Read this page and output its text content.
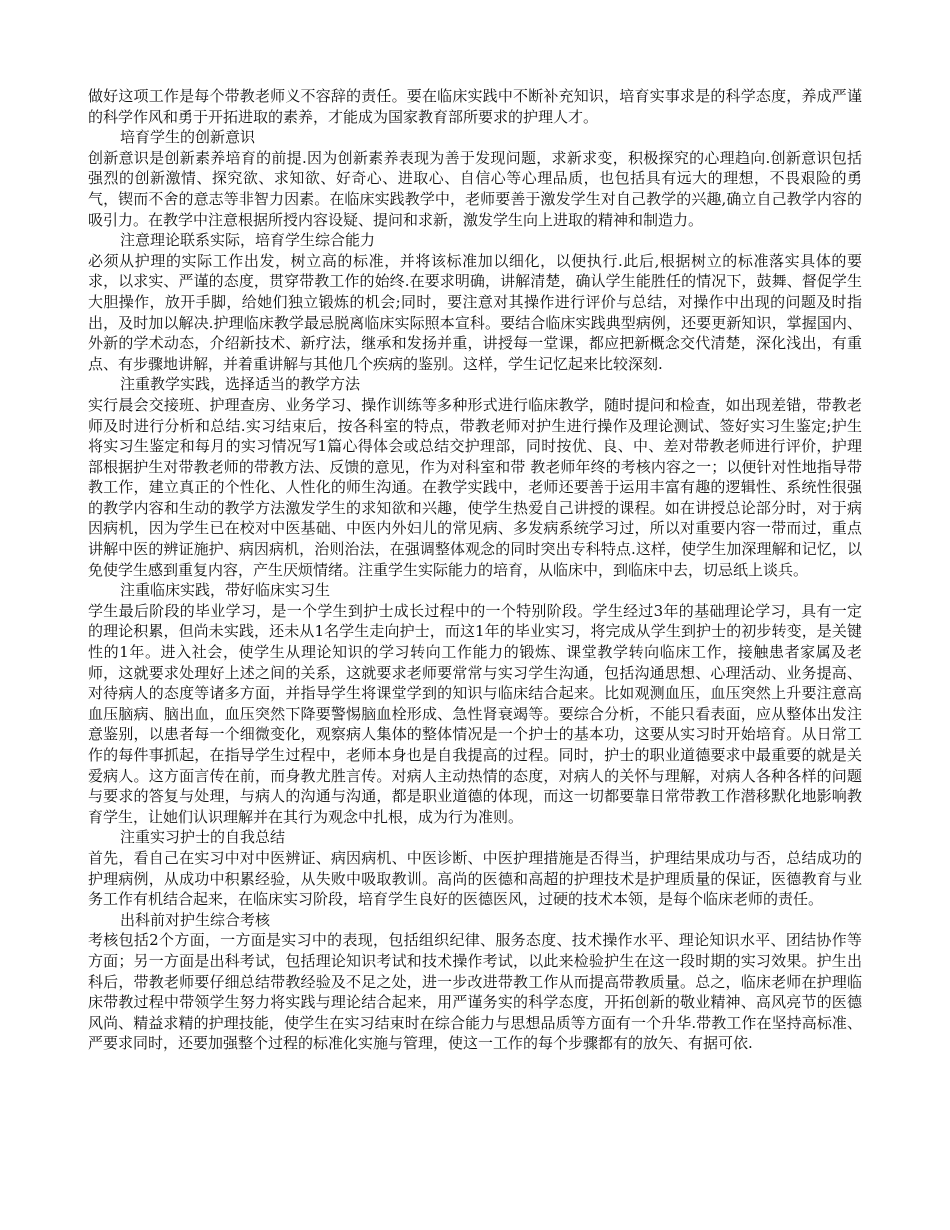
做好这项工作是每个带教老师义不容辞的责任。要在临床实践中不断补充知识，培育实事求是的科学态度，养成严谨的科学作风和勇于开拓进取的素养，才能成为国家教育部所要求的护理人才。

培育学生的创新意识

创新意识是创新素养培育的前提.因为创新素养表现为善于发现问题，求新求变，积极探究的心理趋向.创新意识包括强烈的创新激情、探究欲、求知欲、好奇心、进取心、自信心等心理品质，也包括具有远大的理想，不畏艰险的勇气，锲而不舍的意志等非智力因素。在临床实践教学中，老师要善于激发学生对自己教学的兴趣,确立自己教学内容的吸引力。在教学中注意根据所授内容设疑、提问和求新，激发学生向上进取的精神和制造力。

注意理论联系实际，培育学生综合能力

必须从护理的实际工作出发，树立高的标准，并将该标准加以细化，以便执行.此后,根据树立的标准落实具体的要求，以求实、严谨的态度，贯穿带教工作的始终.在要求明确，讲解清楚，确认学生能胜任的情况下，鼓舞、督促学生大胆操作，放开手脚，给她们独立锻炼的机会;同时，要注意对其操作进行评价与总结，对操作中出现的问题及时指出，及时加以解决.护理临床教学最忌脱离临床实际照本宣科。要结合临床实践典型病例，还要更新知识，掌握国内、外新的学术动态，介绍新技术、新疗法，继承和发扬并重，讲授每一堂课，都应把新概念交代清楚，深化浅出，有重点、有步骤地讲解，并着重讲解与其他几个疾病的鉴别。这样，学生记忆起来比较深刻.

注重教学实践，选择适当的教学方法

实行晨会交接班、护理查房、业务学习、操作训练等多种形式进行临床教学，随时提问和检查，如出现差错，带教老师及时进行分析和总结.实习结束后，按各科室的特点，带教老师对护生进行操作及理论测试、签好实习生鉴定;护生将实习生鉴定和每月的实习情况写1篇心得体会或总结交护理部，同时按优、良、中、差对带教老师进行评价，护理部根据护生对带教老师的带教方法、反馈的意见，作为对科室和带 教老师年终的考核内容之一；以便针对性地指导带教工作，建立真正的个性化、人性化的师生沟通。在教学实践中，老师还要善于运用丰富有趣的逻辑性、系统性很强的教学内容和生动的教学方法激发学生的求知欲和兴趣，使学生热爱自己讲授的课程。如在讲授总论部分时，对于病因病机，因为学生已在校对中医基础、中医内外妇儿的常见病、多发病系统学习过，所以对重要内容一带而过，重点讲解中医的辨证施护、病因病机，治则治法，在强调整体观念的同时突出专科特点.这样，使学生加深理解和记忆，以免使学生感到重复内容，产生厌烦情绪。注重学生实际能力的培育，从临床中，到临床中去，切忌纸上谈兵。

注重临床实践，带好临床实习生

学生最后阶段的毕业学习，是一个学生到护士成长过程中的一个特别阶段。学生经过3年的基础理论学习，具有一定的理论积累，但尚未实践，还未从1名学生走向护士，而这1年的毕业实习，将完成从学生到护士的初步转变，是关键性的1年。进入社会，使学生从理论知识的学习转向工作能力的锻炼、课堂教学转向临床工作，接触患者家属及老师，这就要求处理好上述之间的关系，这就要求老师要常常与实习学生沟通，包括沟通思想、心理活动、业务提高、对待病人的态度等诸多方面，并指导学生将课堂学到的知识与临床结合起来。比如观测血压，血压突然上升要注意高血压脑病、脑出血，血压突然下降要警惕脑血栓形成、急性肾衰竭等。要综合分析，不能只看表面，应从整体出发注意鉴别，以患者每一个细微变化，观察病人集体的整体情况是一个护士的基本功，这要从实习时开始培育。从日常工作的每件事抓起，在指导学生过程中，老师本身也是自我提高的过程。同时，护士的职业道德要求中最重要的就是关爱病人。这方面言传在前，而身教尤胜言传。对病人主动热情的态度，对病人的关怀与理解，对病人各种各样的问题与要求的答复与处理，与病人的沟通与沟通，都是职业道德的体现，而这一切都要靠日常带教工作潜移默化地影响教育学生，让她们认识理解并在其行为观念中扎根，成为行为准则。

注重实习护士的自我总结

首先，看自己在实习中对中医辨证、病因病机、中医诊断、中医护理措施是否得当，护理结果成功与否，总结成功的护理病例，从成功中积累经验，从失败中吸取教训。高尚的医德和高超的护理技术是护理质量的保证，医德教育与业务工作有机结合起来，在临床实习阶段，培育学生良好的医德医风，过硬的技术本领，是每个临床老师的责任。

出科前对护生综合考核

考核包括2个方面，一方面是实习中的表现，包括组织纪律、服务态度、技术操作水平、理论知识水平、团结协作等方面；另一方面是出科考试，包括理论知识考试和技术操作考试，以此来检验护生在这一段时期的实习效果。护生出科后，带教老师要仔细总结带教经验及不足之处，进一步改进带教工作从而提高带教质量。总之，临床老师在护理临床带教过程中带领学生努力将实践与理论结合起来，用严谨务实的科学态度，开拓创新的敬业精神、高风亮节的医德风尚、精益求精的护理技能，使学生在实习结束时在综合能力与思想品质等方面有一个升华.带教工作在坚持高标准、严要求同时，还要加强整个过程的标准化实施与管理，使这一工作的每个步骤都有的放矢、有据可依.
